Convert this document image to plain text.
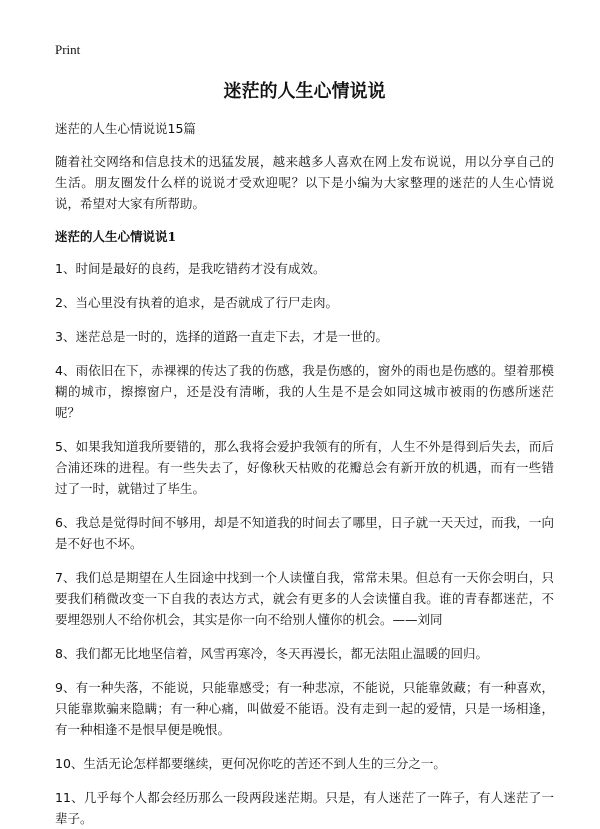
Print
迷茫的人生心情说说
迷茫的人生心情说说15篇

随着社交网络和信息技术的迅猛发展，越来越多人喜欢在网上发布说说，用以分享自己的生活。朋友圈发什么样的说说才受欢迎呢？以下是小编为大家整理的迷茫的人生心情说说，希望对大家有所帮助。

迷茫的人生心情说说1

1、时间是最好的良药，是我吃错药才没有成效。

2、当心里没有执着的追求，是否就成了行尸走肉。

3、迷茫总是一时的，选择的道路一直走下去，才是一世的。

4、雨依旧在下，赤裸裸的传达了我的伤感，我是伤感的，窗外的雨也是伤感的。望着那模糊的城市，擦擦窗户，还是没有清晰，我的人生是不是会如同这城市被雨的伤感所迷茫呢？

5、如果我知道我所要错的，那么我将会爱护我领有的所有，人生不外是得到后失去，而后合浦还珠的进程。有一些失去了，好像秋天枯败的花瓣总会有新开放的机遇，而有一些错过了一时，就错过了毕生。

6、我总是觉得时间不够用，却是不知道我的时间去了哪里，日子就一天天过，而我，一向是不好也不坏。

7、我们总是期望在人生囧途中找到一个人读懂自我，常常未果。但总有一天你会明白，只要我们稍微改变一下自我的表达方式，就会有更多的人会读懂自我。谁的青春都迷茫，不要埋怨别人不给你机会，其实是你一向不给别人懂你的机会。——刘同

8、我们都无比地坚信着，风雪再寒冷，冬天再漫长，都无法阻止温暖的回归。

9、有一种失落，不能说，只能靠感受；有一种悲凉，不能说，只能靠敛藏；有一种喜欢，只能靠欺骗来隐瞒；有一种心痛，叫做爱不能语。没有走到一起的爱情，只是一场相逢，有一种相逢不是恨早便是晚恨。

10、生活无论怎样都要继续，更何况你吃的苦还不到人生的三分之一。

11、几乎每个人都会经历那么一段两段迷茫期。只是，有人迷茫了一阵子，有人迷茫了一辈子。
